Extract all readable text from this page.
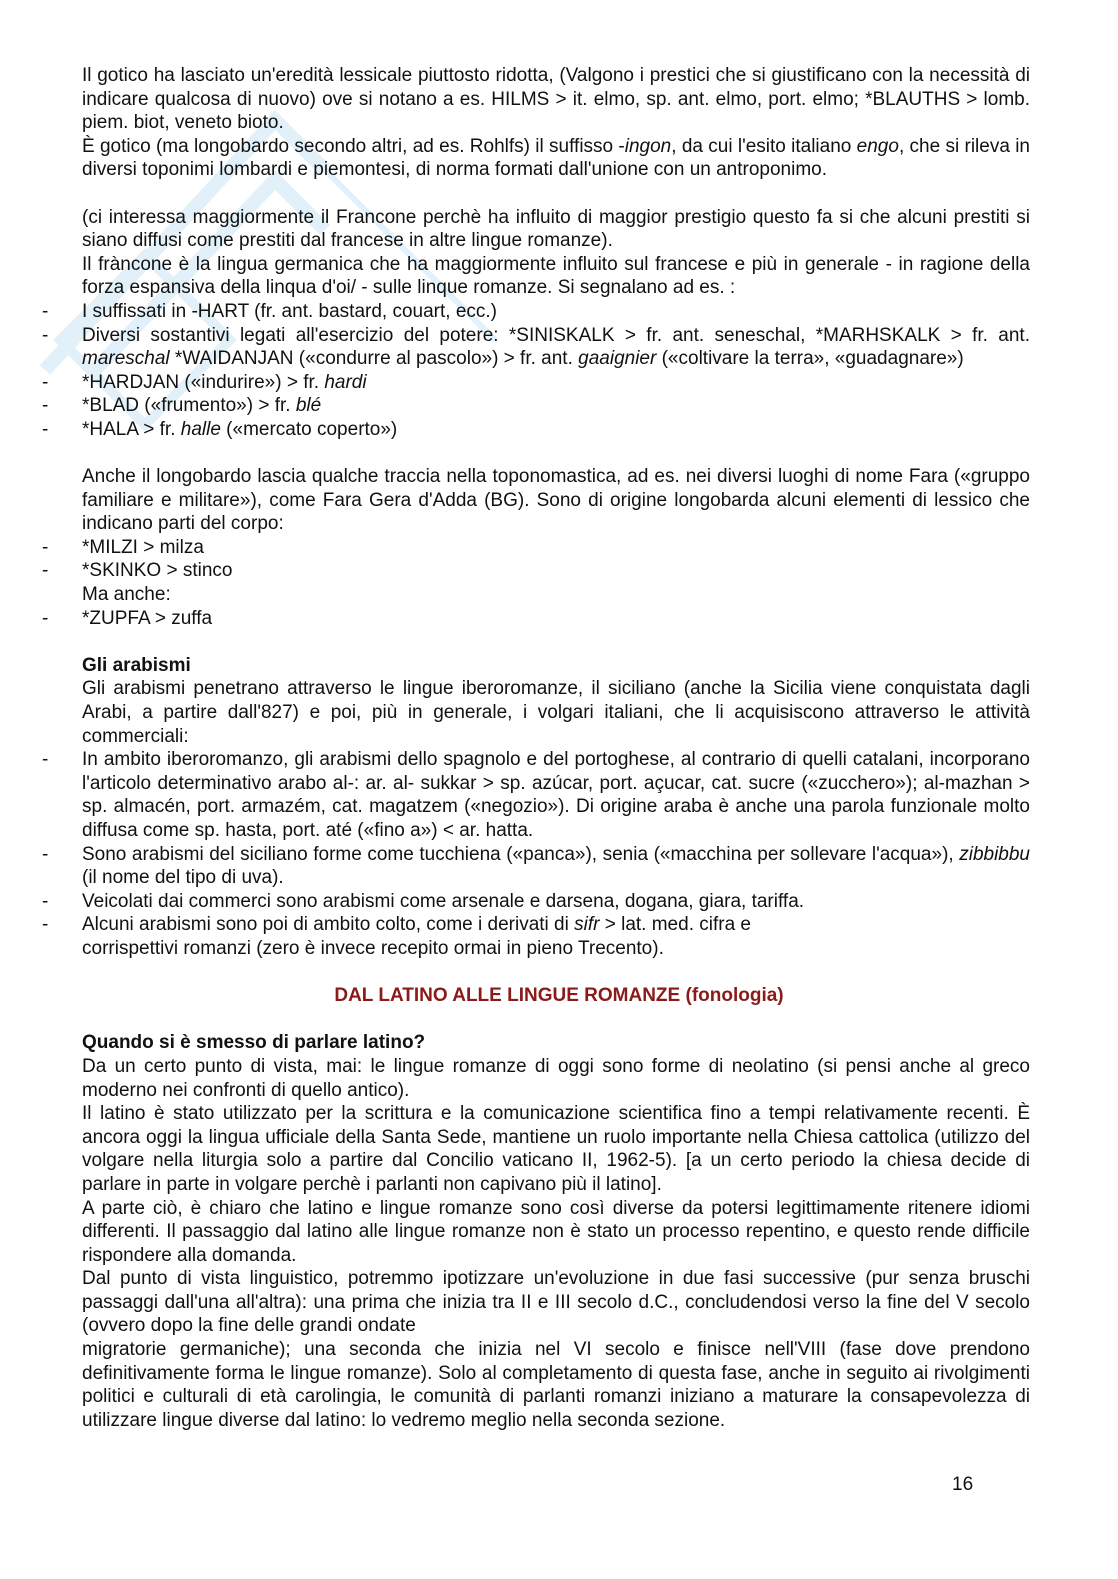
Il gotico ha lasciato un'eredità lessicale piuttosto ridotta, (Valgono i prestici che si giustificano con la necessità di indicare qualcosa di nuovo) ove si notano a es. HILMS > it. elmo, sp. ant. elmo, port. elmo; *BLAUTHS > lomb. piem. biot, veneto bioto.

È gotico (ma longobardo secondo altri, ad es. Rohlfs) il suffisso -ingon, da cui l'esito italiano engo, che si rileva in diversi toponimi lombardi e piemontesi, di norma formati dall'unione con un antroponimo.

(ci interessa maggiormente il Francone perchè ha influito di maggior prestigio questo fa si che alcuni prestiti si siano diffusi come prestiti dal francese in altre lingue romanze).

Il fràncone è la lingua germanica che ha maggiormente influito sul francese e più in generale - in ragione della forza espansiva della linqua d'oi/ - sulle linque romanze. Si segnalano ad es. :

- I suffissati in -HART (fr. ant. bastard, couart, ecc.)

- Diversi sostantivi legati all'esercizio del potere: *SINISKALK > fr. ant. seneschal, *MARHSKALK > fr. ant. mareschal *WAIDANJAN («condurre al pascolo») > fr. ant. gaaignier («coltivare la terra», «guadagnare»)

- *HARDJAN («indurire») > fr. hardi

- *BLAD («frumento») > fr. blé

- *HALA > fr. halle («mercato coperto»)

Anche il longobardo lascia qualche traccia nella toponomastica, ad es. nei diversi luoghi di nome Fara («gruppo familiare e militare»), come Fara Gera d'Adda (BG). Sono di origine longobarda alcuni elementi di lessico che indicano parti del corpo:

- *MILZI > milza

- *SKINKO > stinco

Ma anche:

- *ZUPFA > zuffa

Gli arabismi

Gli arabismi penetrano attraverso le lingue iberoromanze, il siciliano (anche la Sicilia viene conquistata dagli Arabi, a partire dall'827) e poi, più in generale, i volgari italiani, che li acquisiscono attraverso le attività commerciali:

- In ambito iberoromanzo, gli arabismi dello spagnolo e del portoghese, al contrario di quelli catalani, incorporano l'articolo determinativo arabo al-: ar. al- sukkar > sp. azúcar, port. açucar, cat. sucre («zucchero»); al-mazhan > sp. almacén, port. armazém, cat. magatzem («negozio»). Di origine araba è anche una parola funzionale molto diffusa come sp. hasta, port. até («fino a») < ar. hatta.

- Sono arabismi del siciliano forme come tucchiena («panca»), senia («macchina per sollevare l'acqua»), zibbibbu (il nome del tipo di uva).

- Veicolati dai commerci sono arabismi come arsenale e darsena, dogana, giara, tariffa.

- Alcuni arabismi sono poi di ambito colto, come i derivati di sifr > lat. med. cifra e

corrispettivi romanzi (zero è invece recepito ormai in pieno Trecento).

DAL LATINO ALLE LINGUE ROMANZE (fonologia)

Quando si è smesso di parlare latino?

Da un certo punto di vista, mai: le lingue romanze di oggi sono forme di neolatino (si pensi anche al greco moderno nei confronti di quello antico).

Il latino è stato utilizzato per la scrittura e la comunicazione scientifica fino a tempi relativamente recenti. È ancora oggi la lingua ufficiale della Santa Sede, mantiene un ruolo importante nella Chiesa cattolica (utilizzo del volgare nella liturgia solo a partire dal Concilio vaticano II, 1962-5). [a un certo periodo la chiesa decide di parlare in parte in volgare perchè i parlanti non capivano più il latino].

A parte ciò, è chiaro che latino e lingue romanze sono così diverse da potersi legittimamente ritenere idiomi differenti. Il passaggio dal latino alle lingue romanze non è stato un processo repentino, e questo rende difficile rispondere alla domanda.

Dal punto di vista linguistico, potremmo ipotizzare un'evoluzione in due fasi successive (pur senza bruschi passaggi dall'una all'altra): una prima che inizia tra II e III secolo d.C., concludendosi verso la fine del V secolo (ovvero dopo la fine delle grandi ondate

migratorie germaniche); una seconda che inizia nel VI secolo e finisce nell'VIII (fase dove prendono definitivamente forma le lingue romanze). Solo al completamento di questa fase, anche in seguito ai rivolgimenti politici e culturali di età carolingia, le comunità di parlanti romanzi iniziano a maturare la consapevolezza di utilizzare lingue diverse dal latino: lo vedremo meglio nella seconda sezione.

16
